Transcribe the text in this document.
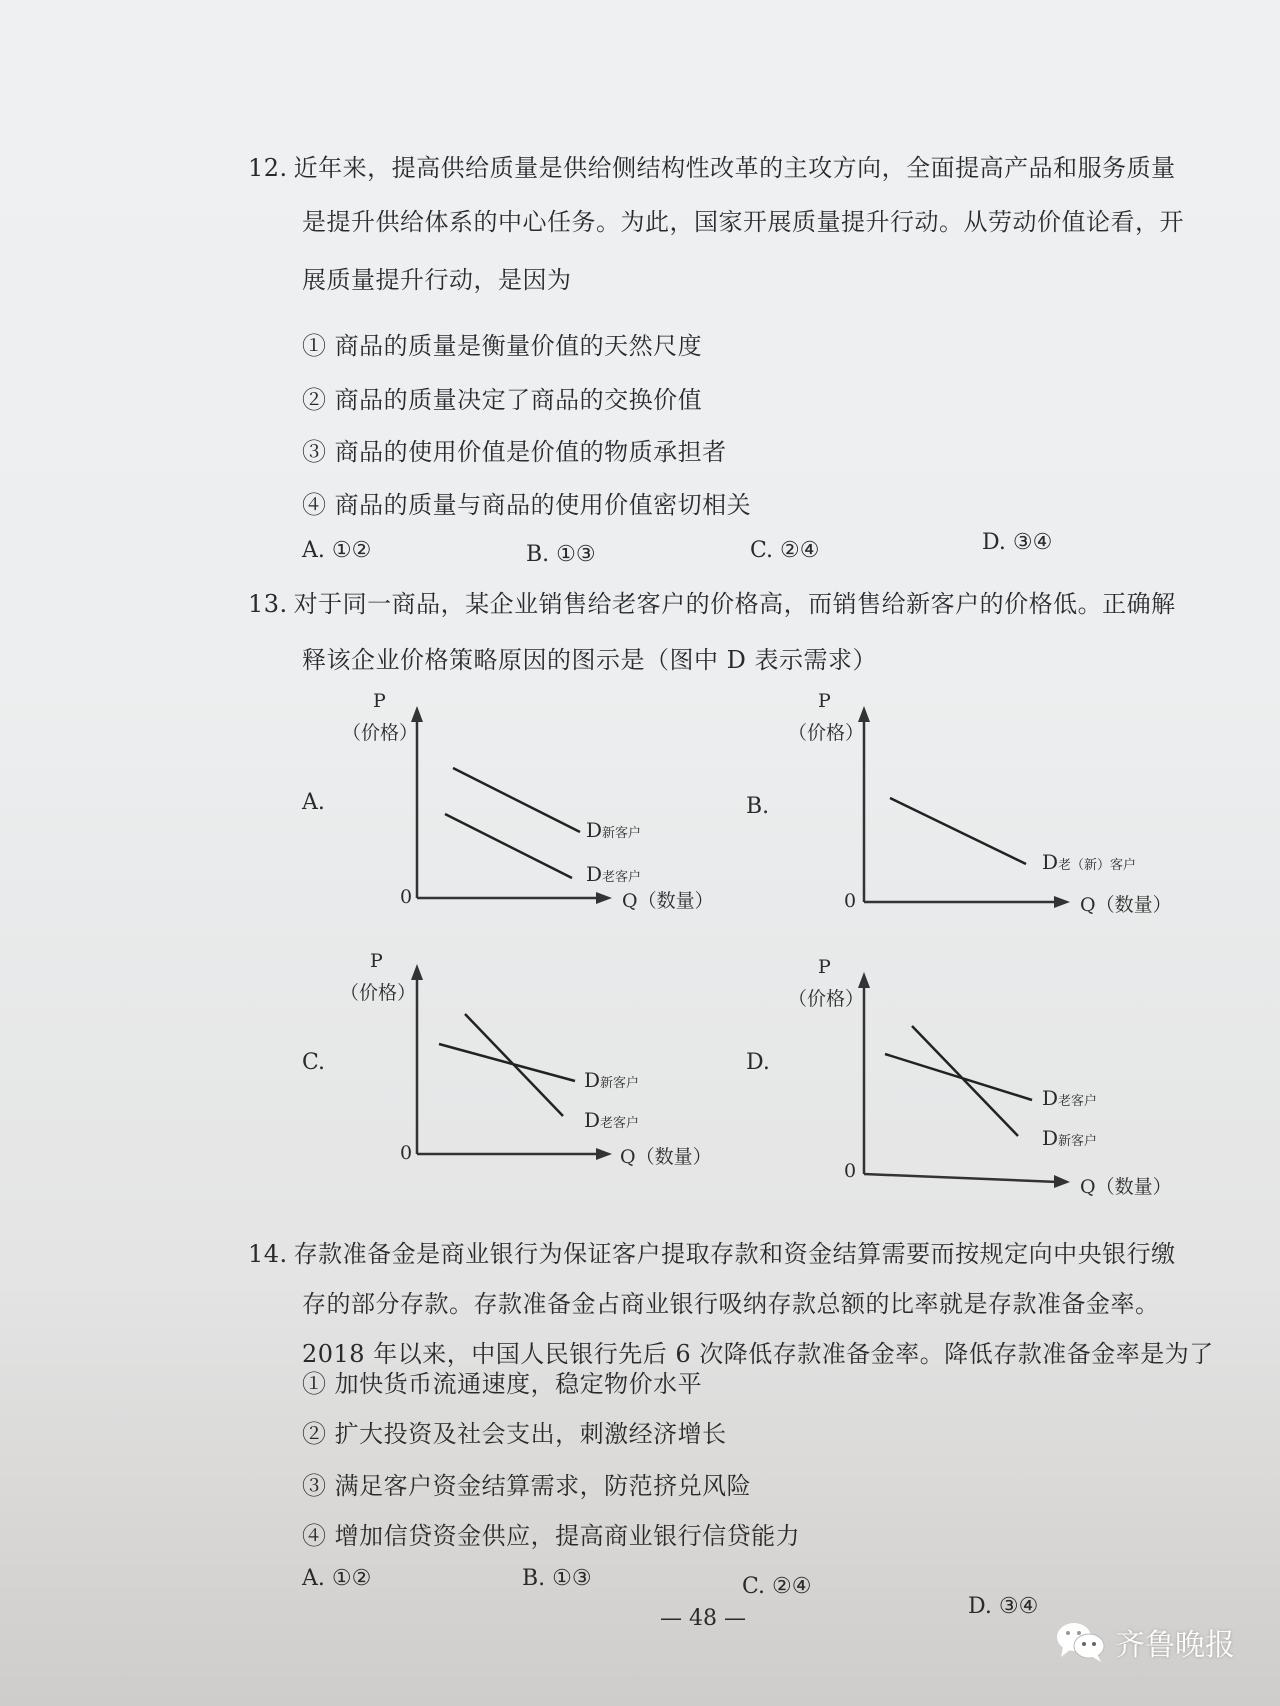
12. 近年来，提高供给质量是供给侧结构性改革的主攻方向，全面提高产品和服务质量
是提升供给体系的中心任务。为此，国家开展质量提升行动。从劳动价值论看，开
展质量提升行动，是因为
① 商品的质量是衡量价值的天然尺度
② 商品的质量决定了商品的交换价值
③ 商品的使用价值是价值的物质承担者
④ 商品的质量与商品的使用价值密切相关
A. ①②	B. ①③	C. ②④	D. ③④
13. 对于同一商品，某企业销售给老客户的价格高，而销售给新客户的价格低。正确解
释该企业价格策略原因的图示是（图中 D 表示需求）
A.
P
（价格）
0	Q（数量）
D新客户
D老客户
B.
P
（价格）
0	Q（数量）
D老（新）客户
C.
P
（价格）
0	Q（数量）
D新客户
D老客户
D.
P
（价格）
0
Q（数量）
D老客户
D新客户
14. 存款准备金是商业银行为保证客户提取存款和资金结算需要而按规定向中央银行缴
存的部分存款。存款准备金占商业银行吸纳存款总额的比率就是存款准备金率。
2018 年以来，中国人民银行先后 6 次降低存款准备金率。降低存款准备金率是为了
① 加快货币流通速度，稳定物价水平
② 扩大投资及社会支出，刺激经济增长
③ 满足客户资金结算需求，防范挤兑风险
④ 增加信贷资金供应，提高商业银行信贷能力
A. ①②	B. ①③	C. ②④
D. ③④
— 48 —
齐鲁晚报
